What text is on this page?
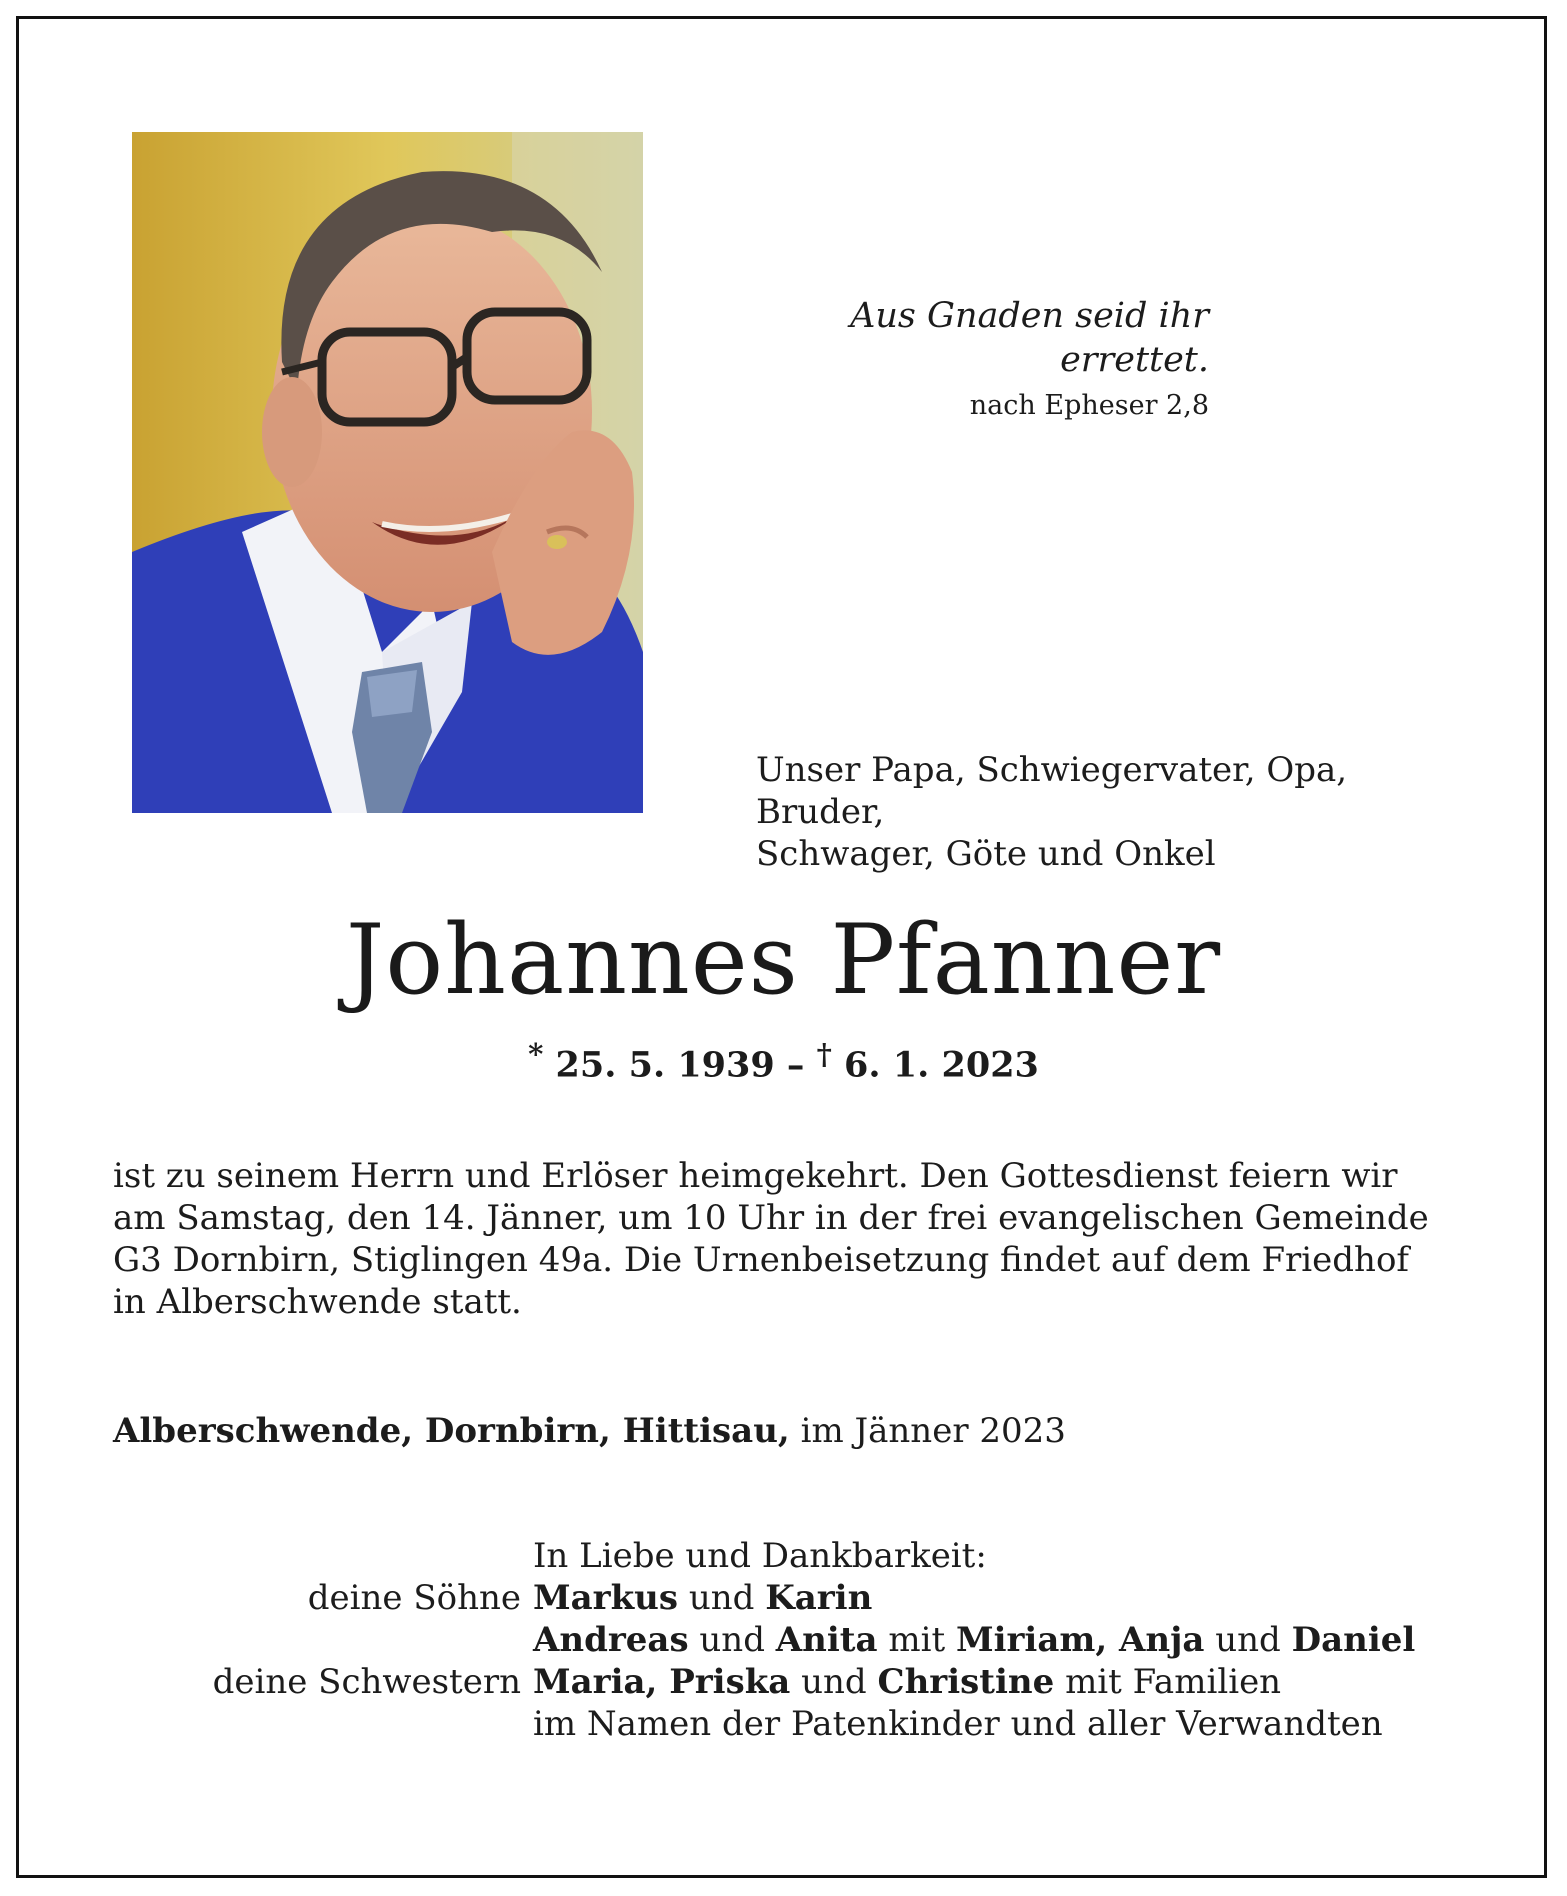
Aus Gnaden seid ihr errettet.
nach Epheser 2,8
Unser Papa, Schwiegervater, Opa, Bruder,
Schwager, Göte und Onkel
Johannes Pfanner
* 25. 5. 1939 – † 6. 1. 2023
ist zu seinem Herrn und Erlöser heimgekehrt. Den Gottesdienst feiern wir
am Samstag, den 14. Jänner, um 10 Uhr in der frei evangelischen Gemeinde
G3 Dornbirn, Stiglingen 49a. Die Urnenbeisetzung findet auf dem Friedhof
in Alberschwende statt.
Alberschwende, Dornbirn, Hittisau, im Jänner 2023
In Liebe und Dankbarkeit:
deine Söhne Markus und Karin
Andreas und Anita mit Miriam, Anja und Daniel
deine Schwestern Maria, Priska und Christine mit Familien
im Namen der Patenkinder und aller Verwandten
